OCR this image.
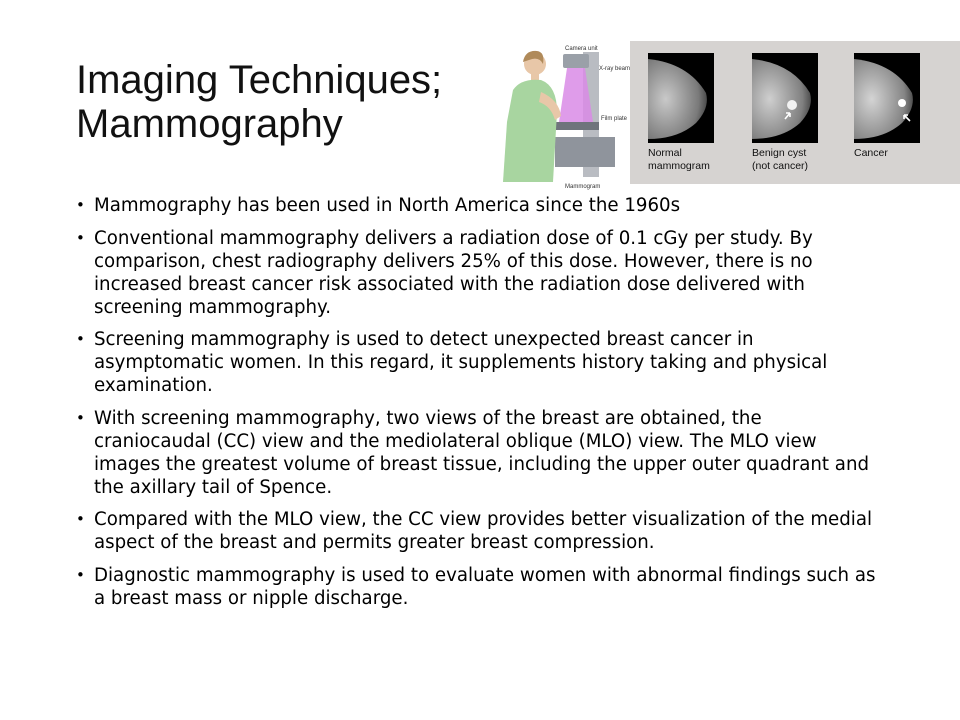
Imaging Techniques;
Mammography
Camera unit
X-ray beam
Film plate
Mammogram
Normal
mammogram
Benign cyst
(not cancer)
Cancer
• Mammography has been used in North America since the 1960s
• Conventional mammography delivers a radiation dose of 0.1 cGy per study. By comparison, chest radiography delivers 25% of this dose. However, there is no increased breast cancer risk associated with the radiation dose delivered with screening mammography.
• Screening mammography is used to detect unexpected breast cancer in asymptomatic women. In this regard, it supplements history taking and physical examination.
• With screening mammography, two views of the breast are obtained, the craniocaudal (CC) view and the mediolateral oblique (MLO) view. The MLO view images the greatest volume of breast tissue, including the upper outer quadrant and the axillary tail of Spence.
• Compared with the MLO view, the CC view provides better visualization of the medial aspect of the breast and permits greater breast compression.
• Diagnostic mammography is used to evaluate women with abnormal findings such as a breast mass or nipple discharge.
